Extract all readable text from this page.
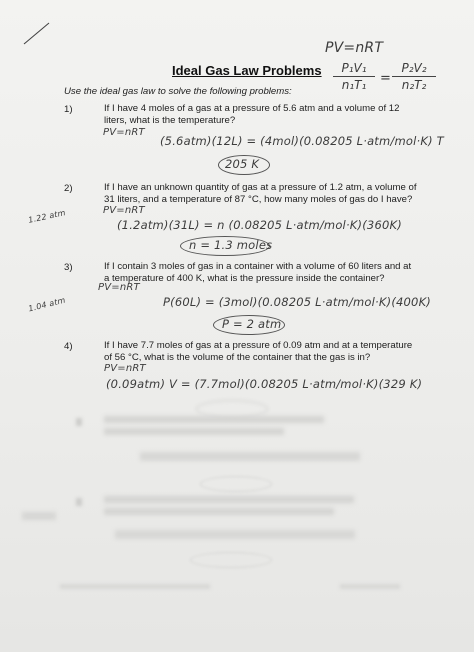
PV=nRT
P₁V₁
n₁T₁	=
P₂V₂
n₂T₂
Ideal Gas Law Problems
Use the ideal gas law to solve the following problems:
1)	If I have 4 moles of a gas at a pressure of 5.6 atm and a volume of 12
liters, what is the temperature?
PV=nRT
(5.6atm)(12L) = (4mol)(0.08205 L·atm/mol·K) T
205 K
2)	If I have an unknown quantity of gas at a pressure of 1.2 atm, a volume of
31 liters, and a temperature of 87 °C, how many moles of gas do I have?
1.22 atm	PV=nRT
(1.2atm)(31L) = n (0.08205 L·atm/mol·K)(360K)
n = 1.3 moles
3)	If I contain 3 moles of gas in a container with a volume of 60 liters and at
a temperature of 400 K, what is the pressure inside the container?
1.04 atm
PV=nRT
P(60L) = (3mol)(0.08205 L·atm/mol·K)(400K)
P = 2 atm
4)	If I have 7.7 moles of gas at a pressure of 0.09 atm and at a temperature
of 56 °C, what is the volume of the container that the gas is in?
PV=nRT
(0.09atm) V = (7.7mol)(0.08205 L·atm/mol·K)(329 K)
